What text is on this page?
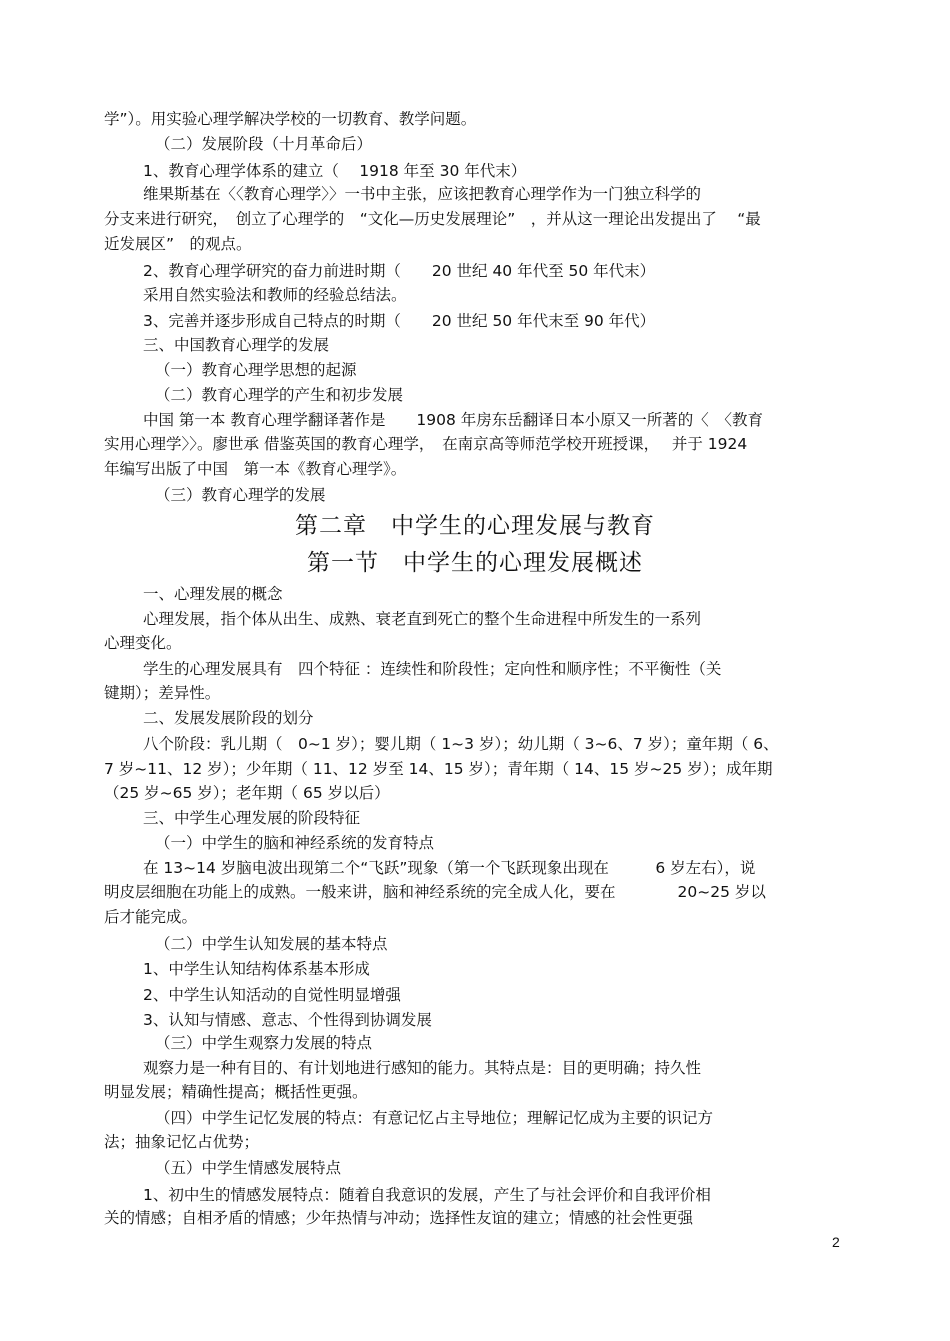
学”）。用实验心理学解决学校的一切教育、教学问题。
（二）发展阶段（十月革命后）
1、教育心理学体系的建立（　 1918 年至 30 年代末）
维果斯基在〈〈教育心理学〉〉一书中主张，应该把教育心理学作为一门独立科学的
分支来进行研究，　创立了心理学的　“文化—历史发展理论”　，并从这一理论出发提出了　 “最
近发展区”　的观点。
2、教育心理学研究的奋力前进时期（　　20 世纪 40 年代至 50 年代末）
采用自然实验法和教师的经验总结法。
3、完善并逐步形成自己特点的时期（　　20 世纪 50 年代末至 90 年代）
三、中国教育心理学的发展
（一）教育心理学思想的起源
（二）教育心理学的产生和初步发展
中国 第一本 教育心理学翻译著作是　　1908 年房东岳翻译日本小原又一所著的〈　〈教育
实用心理学〉〉。廖世承 借鉴英国的教育心理学，　在南京高等师范学校开班授课，　 并于 1924
年编写出版了中国　第一本《教育心理学》。
（三）教育心理学的发展
第二章　中学生的心理发展与教育
第一节　中学生的心理发展概述
一、心理发展的概念
心理发展，指个体从出生、成熟、衰老直到死亡的整个生命进程中所发生的一系列
心理变化。
学生的心理发展具有　四个特征 ：连续性和阶段性；定向性和顺序性；不平衡性（关
键期）；差异性。
二、发展发展阶段的划分
八个阶段：乳儿期（　0~1 岁）；婴儿期（ 1~3 岁）；幼儿期（ 3~6、7 岁）；童年期（ 6、
7 岁~11、12 岁）；少年期（ 11、12 岁至 14、15 岁）；青年期（ 14、15 岁~25 岁）；成年期
（25 岁~65 岁）；老年期（ 65 岁以后）
三、中学生心理发展的阶段特征
（一）中学生的脑和神经系统的发育特点
在 13~14 岁脑电波出现第二个“飞跃”现象（第一个飞跃现象出现在　　　6 岁左右），说
明皮层细胞在功能上的成熟。一般来讲，脑和神经系统的完全成人化，要在　　　　20~25 岁以
后才能完成。
（二）中学生认知发展的基本特点
1、中学生认知结构体系基本形成
2、中学生认知活动的自觉性明显增强
3、认知与情感、意志、个性得到协调发展
（三）中学生观察力发展的特点
观察力是一种有目的、有计划地进行感知的能力。其特点是：目的更明确；持久性
明显发展；精确性提高；概括性更强。
（四）中学生记忆发展的特点：有意记忆占主导地位；理解记忆成为主要的识记方
法；抽象记忆占优势；
（五）中学生情感发展特点
1、初中生的情感发展特点：随着自我意识的发展，产生了与社会评价和自我评价相
关的情感；自相矛盾的情感；少年热情与冲动；选择性友谊的建立；情感的社会性更强
2
